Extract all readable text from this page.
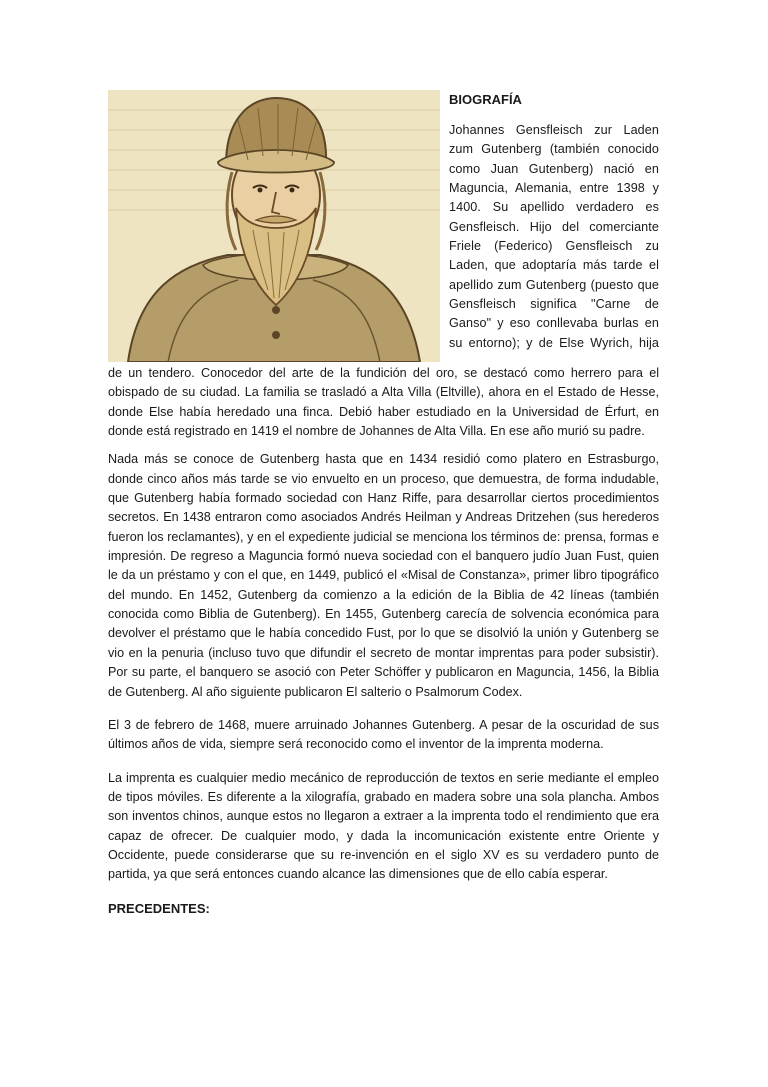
BIOGRAFÍA

Johannes Gensfleisch zur Laden zum Gutenberg (también conocido como Juan Gutenberg) nació en Maguncia, Alemania, entre 1398 y 1400. Su apellido verdadero es Gensfleisch. Hijo del comerciante Friele (Federico) Gensfleisch zu Laden, que adoptaría más tarde el apellido zum Gutenberg (puesto que Gensfleisch significa "Carne de Ganso" y eso conllevaba burlas en su entorno); y de Else Wyrich, hija

de un tendero. Conocedor del arte de la fundición del oro, se destacó como herrero para el obispado de su ciudad. La familia se trasladó a Alta Villa (Eltville), ahora en el Estado de Hesse, donde Else había heredado una finca. Debió haber estudiado en la Universidad de Érfurt, en donde está registrado en 1419 el nombre de Johannes de Alta Villa. En ese año murió su padre.

Nada más se conoce de Gutenberg hasta que en 1434 residió como platero en Estrasburgo, donde cinco años más tarde se vio envuelto en un proceso, que demuestra, de forma indudable, que Gutenberg había formado sociedad con Hanz Riffe, para desarrollar ciertos procedimientos secretos. En 1438 entraron como asociados Andrés Heilman y Andreas Dritzehen (sus herederos fueron los reclamantes), y en el expediente judicial se menciona los términos de: prensa, formas e impresión. De regreso a Maguncia formó nueva sociedad con el banquero judío Juan Fust, quien le da un préstamo y con el que, en 1449, publicó el «Misal de Constanza», primer libro tipográfico del mundo. En 1452, Gutenberg da comienzo a la edición de la Biblia de 42 líneas (también conocida como Biblia de Gutenberg). En 1455, Gutenberg carecía de solvencia económica para devolver el préstamo que le había concedido Fust, por lo que se disolvió la unión y Gutenberg se vio en la penuria (incluso tuvo que difundir el secreto de montar imprentas para poder subsistir). Por su parte, el banquero se asoció con Peter Schöffer y publicaron en Maguncia, 1456, la Biblia de Gutenberg. Al año siguiente publicaron El salterio o Psalmorum Codex.

El 3 de febrero de 1468, muere arruinado Johannes Gutenberg. A pesar de la oscuridad de sus últimos años de vida, siempre será reconocido como el inventor de la imprenta moderna.

La imprenta es cualquier medio mecánico de reproducción de textos en serie mediante el empleo de tipos móviles. Es diferente a la xilografía, grabado en madera sobre una sola plancha. Ambos son inventos chinos, aunque estos no llegaron a extraer a la imprenta todo el rendimiento que era capaz de ofrecer. De cualquier modo, y dada la incomunicación existente entre Oriente y Occidente, puede considerarse que su re-invención en el siglo XV es su verdadero punto de partida, ya que será entonces cuando alcance las dimensiones que de ello cabía esperar.

PRECEDENTES:
